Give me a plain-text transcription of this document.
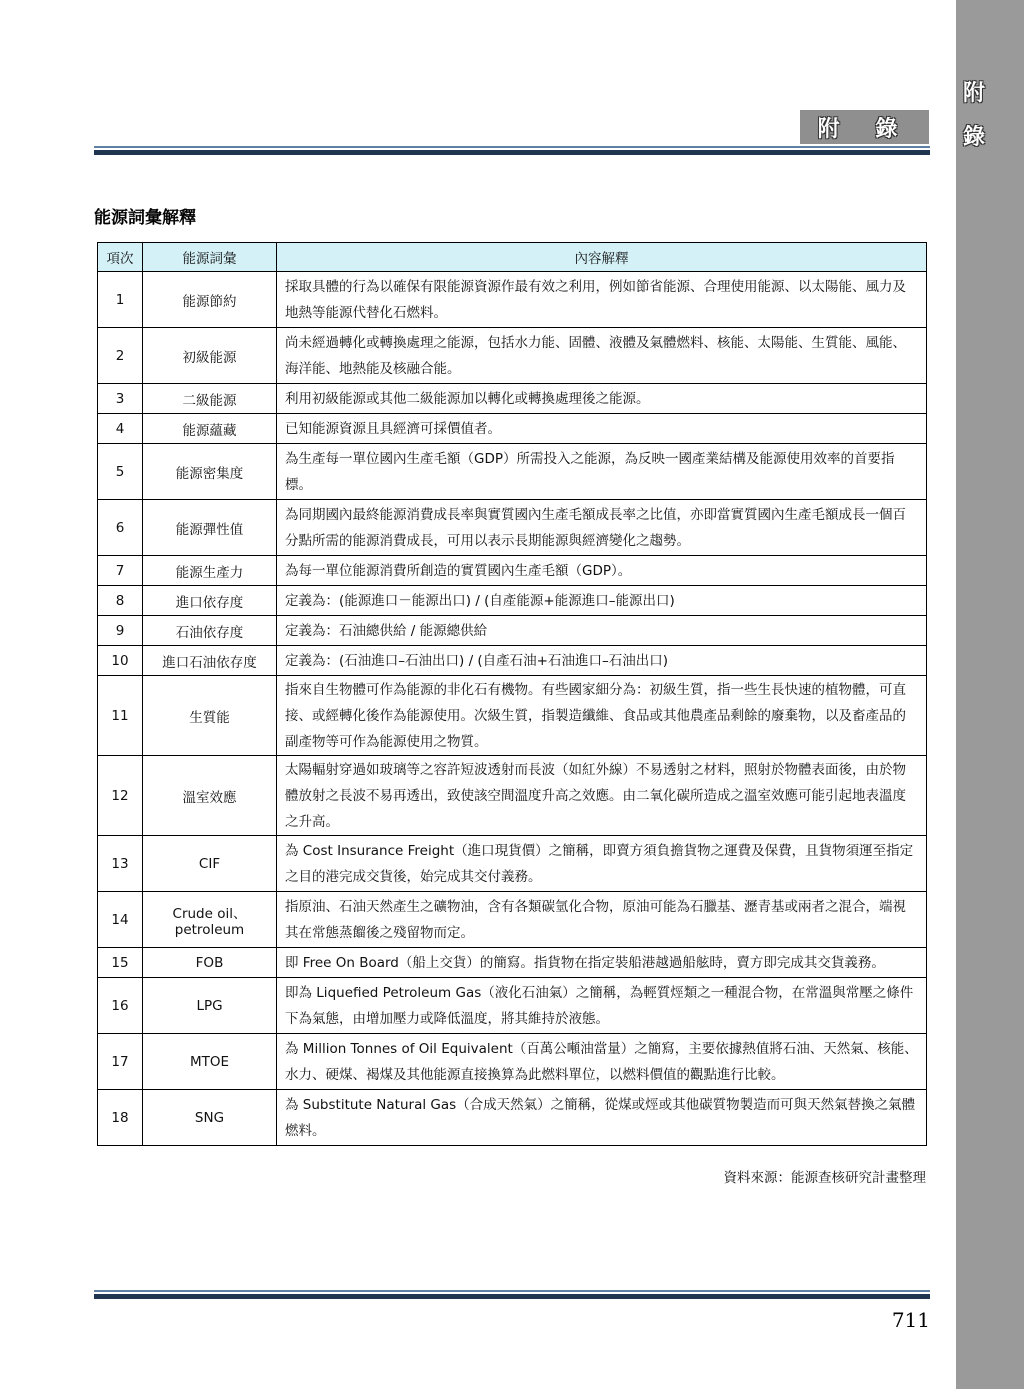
附
錄
附 錄
能源詞彙解釋
項次	能源詞彙	內容解釋
1	能源節約	採取具體的行為以確保有限能源資源作最有效之利用，例如節省能源、合理使用能源、以太陽能、風力及地熱等能源代替化石燃料。
2	初級能源	尚未經過轉化或轉換處理之能源，包括水力能、固體、液體及氣體燃料、核能、太陽能、生質能、風能、海洋能、地熱能及核融合能。
3	二級能源	利用初級能源或其他二級能源加以轉化或轉換處理後之能源。
4	能源蘊藏	已知能源資源且具經濟可採價值者。
5	能源密集度	為生產每一單位國內生產毛額（GDP）所需投入之能源，為反映一國產業結構及能源使用效率的首要指標。
6	能源彈性值	為同期國內最終能源消費成長率與實質國內生產毛額成長率之比值，亦即當實質國內生產毛額成長一個百分點所需的能源消費成長，可用以表示長期能源與經濟變化之趨勢。
7	能源生產力	為每一單位能源消費所創造的實質國內生產毛額（GDP）。
8	進口依存度	定義為：(能源進口－能源出口) / (自產能源+能源進口–能源出口)
9	石油依存度	定義為：石油總供給 / 能源總供給
10	進口石油依存度	定義為：(石油進口–石油出口) / (自產石油+石油進口–石油出口)
11	生質能	指來自生物體可作為能源的非化石有機物。有些國家細分為：初級生質，指一些生長快速的植物體，可直接、或經轉化後作為能源使用。次級生質，指製造纖維、食品或其他農產品剩餘的廢棄物，以及畜產品的副產物等可作為能源使用之物質。
12	溫室效應	太陽輻射穿過如玻璃等之容許短波透射而長波（如紅外線）不易透射之材料，照射於物體表面後，由於物體放射之長波不易再透出，致使該空間溫度升高之效應。由二氧化碳所造成之溫室效應可能引起地表溫度之升高。
13	CIF	為 Cost Insurance Freight（進口現貨價）之簡稱，即賣方須負擔貨物之運費及保費，且貨物須運至指定之目的港完成交貨後，始完成其交付義務。
14	Crude oil、petroleum	指原油、石油天然產生之礦物油，含有各類碳氫化合物，原油可能為石臘基、瀝青基或兩者之混合，端視其在常態蒸餾後之殘留物而定。
15	FOB	即 Free On Board（船上交貨）的簡寫。指貨物在指定裝船港越過船舷時，賣方即完成其交貨義務。
16	LPG	即為 Liquefied Petroleum Gas（液化石油氣）之簡稱，為輕質烴類之一種混合物，在常溫與常壓之條件下為氣態，由增加壓力或降低溫度，將其維持於液態。
17	MTOE	為 Million Tonnes of Oil Equivalent（百萬公噸油當量）之簡寫，主要依據熱值將石油、天然氣、核能、水力、硬煤、褐煤及其他能源直接換算為此燃料單位，以燃料價值的觀點進行比較。
18	SNG	為 Substitute Natural Gas（合成天然氣）之簡稱，從煤或烴或其他碳質物製造而可與天然氣替換之氣體燃料。
資料來源：能源查核研究計畫整理
711
